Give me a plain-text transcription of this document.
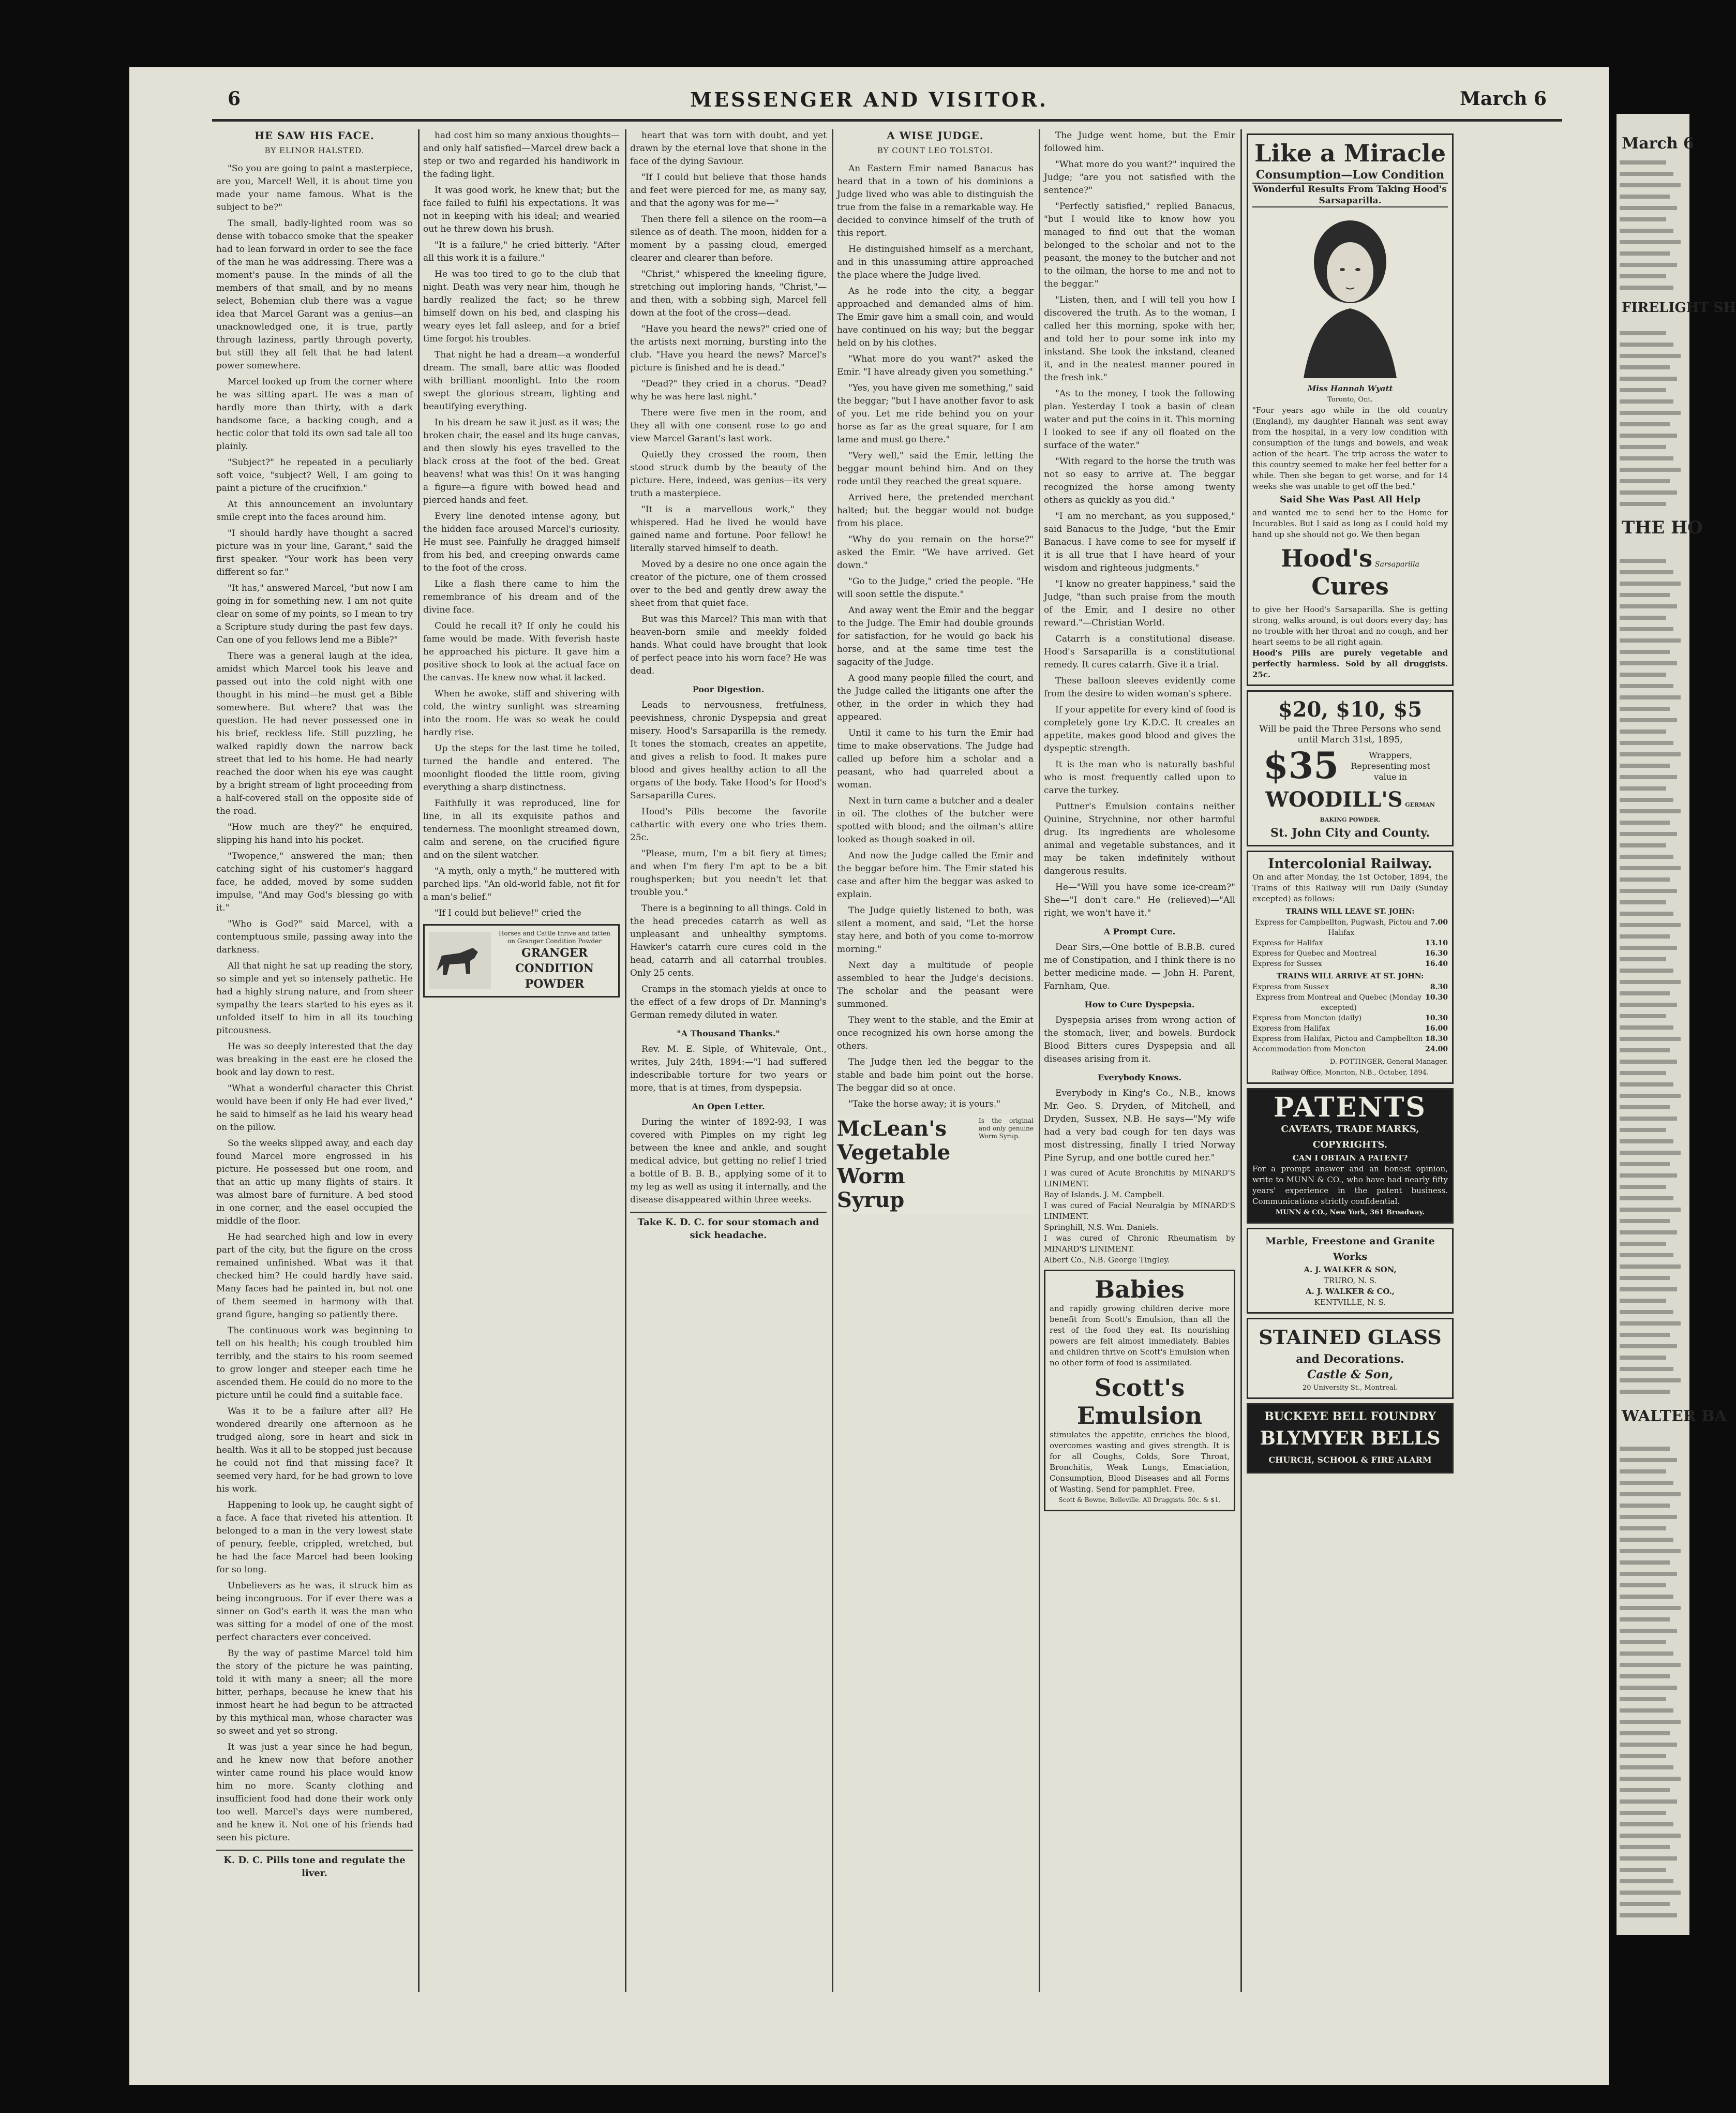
6	MESSENGER AND VISITOR.	March 6
HE SAW HIS FACE.
BY ELINOR HALSTED.

"So you are going to paint a masterpiece, are you, Marcel! Well, it is about time you made your name famous. What is the subject to be?"

The small, badly-lighted room was so dense with tobacco smoke that the speaker had to lean forward in order to see the face of the man he was addressing. There was a moment's pause. In the minds of all the members of that small, and by no means select, Bohemian club there was a vague idea that Marcel Garant was a genius—an unacknowledged one, it is true, partly through laziness, partly through poverty, but still they all felt that he had latent power somewhere.

Marcel looked up from the corner where he was sitting apart. He was a man of hardly more than thirty, with a dark handsome face, a backing cough, and a hectic color that told its own sad tale all too plainly.

"Subject?" he repeated in a peculiarly soft voice, "subject? Well, I am going to paint a picture of the crucifixion."

At this announcement an involuntary smile crept into the faces around him.

"I should hardly have thought a sacred picture was in your line, Garant," said the first speaker. "Your work has been very different so far."

"It has," answered Marcel, "but now I am going in for something new. I am not quite clear on some of my points, so I mean to try a Scripture study during the past few days. Can one of you fellows lend me a Bible?"

There was a general laugh at the idea, amidst which Marcel took his leave and passed out into the cold night with one thought in his mind—he must get a Bible somewhere. But where? that was the question. He had never possessed one in his brief, reckless life. Still puzzling, he walked rapidly down the narrow back street that led to his home. He had nearly reached the door when his eye was caught by a bright stream of light proceeding from a half-covered stall on the opposite side of the road.

"How much are they?" he enquired, slipping his hand into his pocket.

"Twopence," answered the man; then catching sight of his customer's haggard face, he added, moved by some sudden impulse, "And may God's blessing go with it."

"Who is God?" said Marcel, with a contemptuous smile, passing away into the darkness.

All that night he sat up reading the story, so simple and yet so intensely pathetic. He had a highly strung nature, and from sheer sympathy the tears started to his eyes as it unfolded itself to him in all its touching pitcousness.

He was so deeply interested that the day was breaking in the east ere he closed the book and lay down to rest.

"What a wonderful character this Christ would have been if only He had ever lived," he said to himself as he laid his weary head on the pillow.

So the weeks slipped away, and each day found Marcel more engrossed in his picture. He possessed but one room, and that an attic up many flights of stairs. It was almost bare of furniture. A bed stood in one corner, and the easel occupied the middle of the floor.

He had searched high and low in every part of the city, but the figure on the cross remained unfinished. What was it that checked him? He could hardly have said. Many faces had he painted in, but not one of them seemed in harmony with that grand figure, hanging so patiently there.

The continuous work was beginning to tell on his health; his cough troubled him terribly, and the stairs to his room seemed to grow longer and steeper each time he ascended them. He could do no more to the picture until he could find a suitable face.

Was it to be a failure after all? He wondered drearily one afternoon as he trudged along, sore in heart and sick in health. Was it all to be stopped just because he could not find that missing face? It seemed very hard, for he had grown to love his work.

Happening to look up, he caught sight of a face. A face that riveted his attention. It belonged to a man in the very lowest state of penury, feeble, crippled, wretched, but he had the face Marcel had been looking for so long.

Unbelievers as he was, it struck him as being incongruous. For if ever there was a sinner on God's earth it was the man who was sitting for a model of one of the most perfect characters ever conceived.

By the way of pastime Marcel told him the story of the picture he was painting, told it with many a sneer; all the more bitter, perhaps, because he knew that his inmost heart he had begun to be attracted by this mythical man, whose character was so sweet and yet so strong.

It was just a year since he had begun, and he knew now that before another winter came round his place would know him no more. Scanty clothing and insufficient food had done their work only too well. Marcel's days were numbered, and he knew it. Not one of his friends had seen his picture.

K. D. C. Pills tone and regulate the liver.

had cost him so many anxious thoughts—and only half satisfied—Marcel drew back a step or two and regarded his handiwork in the fading light.

It was good work, he knew that; but the face failed to fulfil his expectations. It was not in keeping with his ideal; and wearied out he threw down his brush.

"It is a failure," he cried bitterly. "After all this work it is a failure."

He was too tired to go to the club that night. Death was very near him, though he hardly realized the fact; so he threw himself down on his bed, and clasping his weary eyes let fall asleep, and for a brief time forgot his troubles.

That night he had a dream—a wonderful dream. The small, bare attic was flooded with brilliant moonlight. Into the room swept the glorious stream, lighting and beautifying everything.

In his dream he saw it just as it was; the broken chair, the easel and its huge canvas, and then slowly his eyes travelled to the black cross at the foot of the bed. Great heavens! what was this! On it was hanging a figure—a figure with bowed head and pierced hands and feet.

Every line denoted intense agony, but the hidden face aroused Marcel's curiosity. He must see. Painfully he dragged himself from his bed, and creeping onwards came to the foot of the cross.

Like a flash there came to him the remembrance of his dream and of the divine face.

Could he recall it? If only he could his fame would be made. With feverish haste he approached his picture. It gave him a positive shock to look at the actual face on the canvas. He knew now what it lacked.

When he awoke, stiff and shivering with cold, the wintry sunlight was streaming into the room. He was so weak he could hardly rise.

Up the steps for the last time he toiled, turned the handle and entered. The moonlight flooded the little room, giving everything a sharp distinctness.

Faithfully it was reproduced, line for line, in all its exquisite pathos and tenderness. The moonlight streamed down, calm and serene, on the crucified figure and on the silent watcher.

"A myth, only a myth," he muttered with parched lips. "An old-world fable, not fit for a man's belief."

"If I could but believe!" cried the

Horses and Cattle thrive and fatten on Granger Condition Powder
GRANGER
CONDITION
POWDER

heart that was torn with doubt, and yet drawn by the eternal love that shone in the face of the dying Saviour.

"If I could but believe that those hands and feet were pierced for me, as many say, and that the agony was for me—"

Then there fell a silence on the room—a silence as of death. The moon, hidden for a moment by a passing cloud, emerged clearer and clearer than before.

"Christ," whispered the kneeling figure, stretching out imploring hands, "Christ,"—and then, with a sobbing sigh, Marcel fell down at the foot of the cross—dead.

"Have you heard the news?" cried one of the artists next morning, bursting into the club. "Have you heard the news? Marcel's picture is finished and he is dead."

"Dead?" they cried in a chorus. "Dead? why he was here last night."

There were five men in the room, and they all with one consent rose to go and view Marcel Garant's last work.

Quietly they crossed the room, then stood struck dumb by the beauty of the picture. Here, indeed, was genius—its very truth a masterpiece.

"It is a marvellous work," they whispered. Had he lived he would have gained name and fortune. Poor fellow! he literally starved himself to death.

Moved by a desire no one once again the creator of the picture, one of them crossed over to the bed and gently drew away the sheet from that quiet face.

But was this Marcel? This man with that heaven-born smile and meekly folded hands. What could have brought that look of perfect peace into his worn face? He was dead.

Poor Digestion.

Leads to nervousness, fretfulness, peevishness, chronic Dyspepsia and great misery. Hood's Sarsaparilla is the remedy. It tones the stomach, creates an appetite, and gives a relish to food. It makes pure blood and gives healthy action to all the organs of the body. Take Hood's for Hood's Sarsaparilla Cures.

Hood's Pills become the favorite cathartic with every one who tries them. 25c.

"Please, mum, I'm a bit fiery at times; and when I'm fiery I'm apt to be a bit roughsperken; but you needn't let that trouble you."

There is a beginning to all things. Cold in the head precedes catarrh as well as unpleasant and unhealthy symptoms. Hawker's catarrh cure cures cold in the head, catarrh and all catarrhal troubles. Only 25 cents.

Cramps in the stomach yields at once to the effect of a few drops of Dr. Manning's German remedy diluted in water.

"A Thousand Thanks."

Rev. M. E. Siple, of Whitevale, Ont., writes, July 24th, 1894:—"I had suffered indescribable torture for two years or more, that is at times, from dyspepsia.

An Open Letter.

During the winter of 1892-93, I was covered with Pimples on my right leg between the knee and ankle, and sought medical advice, but getting no relief I tried a bottle of B. B. B., applying some of it to my leg as well as using it internally, and the disease disappeared within three weeks.

Take K. D. C. for sour stomach and sick headache.
A WISE JUDGE.
BY COUNT LEO TOLSTOI.

An Eastern Emir named Banacus has heard that in a town of his dominions a Judge lived who was able to distinguish the true from the false in a remarkable way. He decided to convince himself of the truth of this report.

He distinguished himself as a merchant, and in this unassuming attire approached the place where the Judge lived.

As he rode into the city, a beggar approached and demanded alms of him. The Emir gave him a small coin, and would have continued on his way; but the beggar held on by his clothes.

"What more do you want?" asked the Emir. "I have already given you something."

"Yes, you have given me something," said the beggar; "but I have another favor to ask of you. Let me ride behind you on your horse as far as the great square, for I am lame and must go there."

"Very well," said the Emir, letting the beggar mount behind him. And on they rode until they reached the great square.

Arrived here, the pretended merchant halted; but the beggar would not budge from his place.

"Why do you remain on the horse?" asked the Emir. "We have arrived. Get down."

"Go to the Judge," cried the people. "He will soon settle the dispute."

And away went the Emir and the beggar to the Judge. The Emir had double grounds for satisfaction, for he would go back his horse, and at the same time test the sagacity of the Judge.

A good many people filled the court, and the Judge called the litigants one after the other, in the order in which they had appeared.

Until it came to his turn the Emir had time to make observations. The Judge had called up before him a scholar and a peasant, who had quarreled about a woman.

Next in turn came a butcher and a dealer in oil. The clothes of the butcher were spotted with blood; and the oilman's attire looked as though soaked in oil.

And now the Judge called the Emir and the beggar before him. The Emir stated his case and after him the beggar was asked to explain.

The Judge quietly listened to both, was silent a moment, and said, "Let the horse stay here, and both of you come to-morrow morning."

Next day a multitude of people assembled to hear the Judge's decisions. The scholar and the peasant were summoned.

They went to the stable, and the Emir at once recognized his own horse among the others.

The Judge then led the beggar to the stable and bade him point out the horse. The beggar did so at once.

"Take the horse away; it is yours."

McLean's
Vegetable
Worm Syrup
Is the original and only genuine Worm Syrup.

The Judge went home, but the Emir followed him.

"What more do you want?" inquired the Judge; "are you not satisfied with the sentence?"

"Perfectly satisfied," replied Banacus, "but I would like to know how you managed to find out that the woman belonged to the scholar and not to the peasant, the money to the butcher and not to the oilman, the horse to me and not to the beggar."

"Listen, then, and I will tell you how I discovered the truth. As to the woman, I called her this morning, spoke with her, and told her to pour some ink into my inkstand. She took the inkstand, cleaned it, and in the neatest manner poured in the fresh ink."

"As to the money, I took the following plan. Yesterday I took a basin of clean water and put the coins in it. This morning I looked to see if any oil floated on the surface of the water."

"With regard to the horse the truth was not so easy to arrive at. The beggar recognized the horse among twenty others as quickly as you did."

"I am no merchant, as you supposed," said Banacus to the Judge, "but the Emir Banacus. I have come to see for myself if it is all true that I have heard of your wisdom and righteous judgments."

"I know no greater happiness," said the Judge, "than such praise from the mouth of the Emir, and I desire no other reward."—Christian World.

Catarrh is a constitutional disease. Hood's Sarsaparilla is a constitutional remedy. It cures catarrh. Give it a trial.

These balloon sleeves evidently come from the desire to widen woman's sphere.

If your appetite for every kind of food is completely gone try K.D.C. It creates an appetite, makes good blood and gives the dyspeptic strength.

It is the man who is naturally bashful who is most frequently called upon to carve the turkey.

Puttner's Emulsion contains neither Quinine, Strychnine, nor other harmful drug. Its ingredients are wholesome animal and vegetable substances, and it may be taken indefinitely without dangerous results.

He—"Will you have some ice-cream?" She—"I don't care." He (relieved)—"All right, we won't have it."

A Prompt Cure.

Dear Sirs,—One bottle of B.B.B. cured me of Constipation, and I think there is no better medicine made. — John H. Parent, Farnham, Que.

How to Cure Dyspepsia.

Dyspepsia arises from wrong action of the stomach, liver, and bowels. Burdock Blood Bitters cures Dyspepsia and all diseases arising from it.

Everybody Knows.

Everybody in King's Co., N.B., knows Mr. Geo. S. Dryden, of Mitchell, and Dryden, Sussex, N.B. He says—"My wife had a very bad cough for ten days was most distressing, finally I tried Norway Pine Syrup, and one bottle cured her."

I was cured of Acute Bronchitis by MINARD'S LINIMENT.
Bay of Islands. J. M. Campbell.
I was cured of Facial Neuralgia by MINARD'S LINIMENT.
Springhill, N.S. Wm. Daniels.
I was cured of Chronic Rheumatism by MINARD'S LINIMENT.
Albert Co., N.B. George Tingley.
Babies
and rapidly growing children derive more benefit from Scott's Emulsion, than all the rest of the food they eat. Its nourishing powers are felt almost immediately. Babies and children thrive on Scott's Emulsion when no other form of food is assimilated.
Scott's
Emulsion
stimulates the appetite, enriches the blood, overcomes wasting and gives strength. It is for all Coughs, Colds, Sore Throat, Bronchitis, Weak Lungs, Emaciation, Consumption, Blood Diseases and all Forms of Wasting. Send for pamphlet. Free.
Scott & Bowne, Belleville. All Druggists. 50c. & $1.
Like a Miracle
Consumption—Low Condition
Wonderful Results From Taking Hood's Sarsaparilla.
Miss Hannah Wyatt
Toronto, Ont.
"Four years ago while in the old country (England), my daughter Hannah was sent away from the hospital, in a very low condition with consumption of the lungs and bowels, and weak action of the heart. The trip across the water to this country seemed to make her feel better for a while. Then she began to get worse, and for 14 weeks she was unable to get off the bed."
Said She Was Past All Help
and wanted me to send her to the Home for Incurables. But I said as long as I could hold my hand up she should not go. We then began
Hood's Sarsaparilla Cures
to give her Hood's Sarsaparilla. She is getting strong, walks around, is out doors every day; has no trouble with her throat and no cough, and her heart seems to be all right again.
Hood's Pills are purely vegetable and perfectly harmless. Sold by all druggists. 25c.
$20, $10, $5
Will be paid the Three Persons who send until March 31st, 1895,
$35	Wrappers, Representing most value in
WOODILL'S GERMAN BAKING POWDER.
St. John City and County.
Intercolonial Railway.
On and after Monday, the 1st October, 1894, the Trains of this Railway will run Daily (Sunday excepted) as follows:
TRAINS WILL LEAVE ST. JOHN:
Express for Campbellton, Pugwash, Pictou and Halifax
7.00
Express for Halifax	13.10
Express for Quebec and Montreal	16.30
Express for Sussex	16.40
TRAINS WILL ARRIVE AT ST. JOHN:
Express from Sussex	8.30
Express from Montreal and Quebec (Monday excepted)
10.30
Express from Moncton (daily)	10.30
Express from Halifax	16.00
Express from Halifax, Pictou and Campbellton 18.30
Accommodation from Moncton	24.00
D. POTTINGER, General Manager.
Railway Office, Moncton, N.B., October, 1894.
PATENTS
CAVEATS, TRADE MARKS, COPYRIGHTS.
CAN I OBTAIN A PATENT?
For a prompt answer and an honest opinion, write to MUNN & CO., who have had nearly fifty years' experience in the patent business. Communications strictly confidential.
MUNN & CO., New York, 361 Broadway.
Marble, Freestone and Granite Works
A. J. WALKER & SON,
TRURO, N. S.
A. J. WALKER & CO.,
KENTVILLE, N. S.
STAINED GLASS
and Decorations.
Castle & Son,
20 University St., Montreal.
BUCKEYE BELL FOUNDRY
BLYMYER BELLS
CHURCH, SCHOOL & FIRE ALARM
March 6
FIRELIGHT SH
THE HO
WALTER BA
